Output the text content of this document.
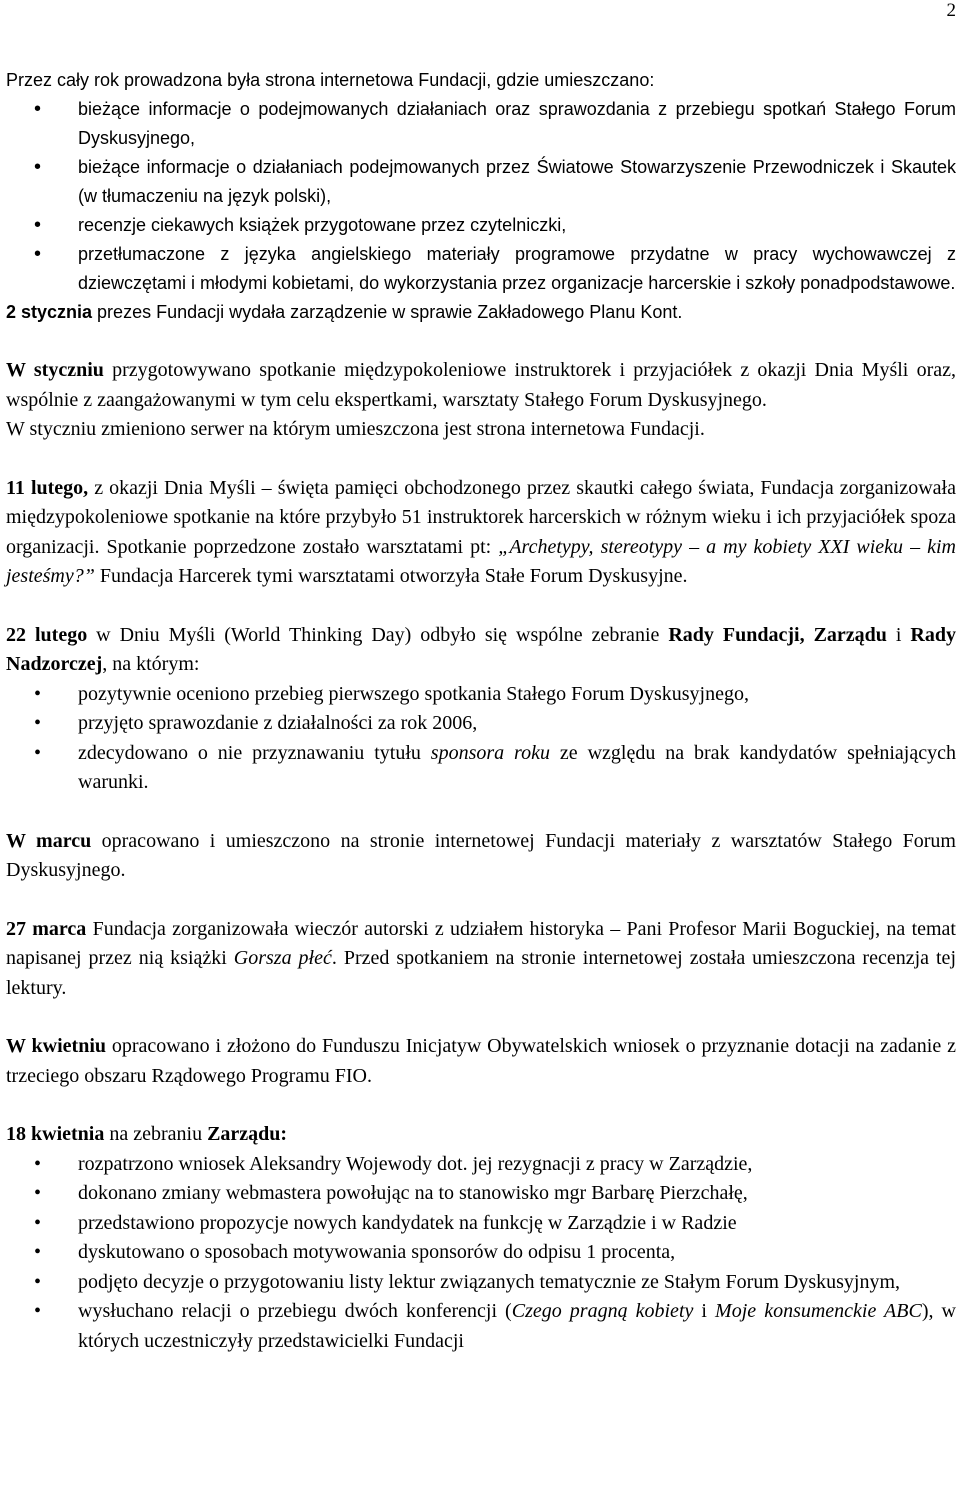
2

Przez cały rok prowadzona była strona internetowa Fundacji, gdzie umieszczano:

• bieżące informacje o podejmowanych działaniach oraz sprawozdania z przebiegu spotkań Stałego Forum Dyskusyjnego,
• bieżące informacje o działaniach podejmowanych przez Światowe Stowarzyszenie Przewodniczek i Skautek (w tłumaczeniu na język polski),
• recenzje ciekawych książek przygotowane przez czytelniczki,
• przetłumaczone z języka angielskiego materiały programowe przydatne w pracy wychowawczej z dziewczętami i młodymi kobietami, do wykorzystania przez organizacje harcerskie i szkoły ponadpodstawowe.

2 stycznia prezes Fundacji wydała zarządzenie w sprawie Zakładowego Planu Kont.

W styczniu przygotowywano spotkanie międzypokoleniowe instruktorek i przyjaciółek z okazji Dnia Myśli oraz, wspólnie z zaangażowanymi w tym celu ekspertkami, warsztaty Stałego Forum Dyskusyjnego.

W styczniu zmieniono serwer na którym umieszczona jest strona internetowa Fundacji.

11 lutego, z okazji Dnia Myśli – święta pamięci obchodzonego przez skautki całego świata, Fundacja zorganizowała międzypokoleniowe spotkanie na które przybyło 51 instruktorek harcerskich w różnym wieku i ich przyjaciółek spoza organizacji. Spotkanie poprzedzone zostało warsztatami pt: „Archetypy, stereotypy – a my kobiety XXI wieku – kim jesteśmy?” Fundacja Harcerek tymi warsztatami otworzyła Stałe Forum Dyskusyjne.

22 lutego w Dniu Myśli (World Thinking Day) odbyło się wspólne zebranie Rady Fundacji, Zarządu i Rady Nadzorczej, na którym:

• pozytywnie oceniono przebieg pierwszego spotkania Stałego Forum Dyskusyjnego,
• przyjęto sprawozdanie z działalności za rok 2006,
• zdecydowano o nie przyznawaniu tytułu sponsora roku ze względu na brak kandydatów spełniających warunki.

W marcu opracowano i umieszczono na stronie internetowej Fundacji materiały z warsztatów Stałego Forum Dyskusyjnego.

27 marca Fundacja zorganizowała wieczór autorski z udziałem historyka – Pani Profesor Marii Boguckiej, na temat napisanej przez nią książki Gorsza płeć. Przed spotkaniem na stronie internetowej została umieszczona recenzja tej lektury.

W kwietniu opracowano i złożono do Funduszu Inicjatyw Obywatelskich wniosek o przyznanie dotacji na zadanie z trzeciego obszaru Rządowego Programu FIO.

18 kwietnia na zebraniu Zarządu:

• rozpatrzono wniosek Aleksandry Wojewody dot. jej rezygnacji z pracy w Zarządzie,
• dokonano zmiany webmastera powołując na to stanowisko mgr Barbarę Pierzchałę,
• przedstawiono propozycje nowych kandydatek na funkcję w Zarządzie i w Radzie
• dyskutowano o sposobach motywowania sponsorów do odpisu 1 procenta,
• podjęto decyzje o przygotowaniu listy lektur związanych tematycznie ze Stałym Forum Dyskusyjnym,
• wysłuchano relacji o przebiegu dwóch konferencji (Czego pragną kobiety i Moje konsumenckie ABC), w których uczestniczyły przedstawicielki Fundacji
